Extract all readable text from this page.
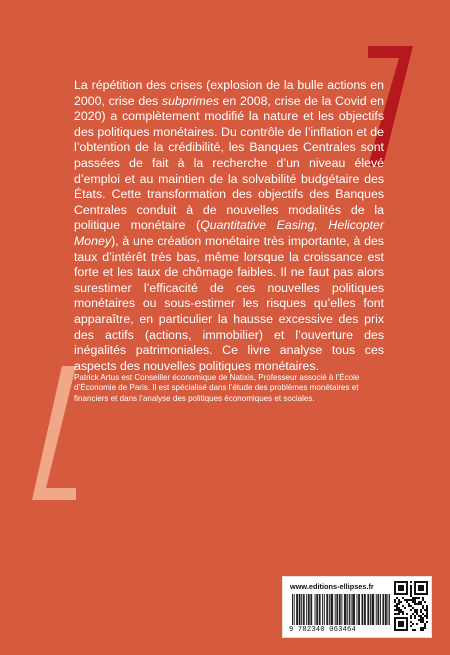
La répétition des crises (explosion de la bulle actions en 2000, crise des subprimes en 2008, crise de la Covid en 2020) a complètement modifié la nature et les objectifs des politiques monétaires. Du contrôle de l’inflation et de l’obtention de la crédibilité, les Banques Centrales sont passées de fait à la recherche d’un niveau élevé d’emploi et au maintien de la solvabilité budgétaire des États. Cette transformation des objectifs des Banques Centrales conduit à de nouvelles modalités de la politique monétaire (Quantitative Easing, Helicopter Money), à une création monétaire très importante, à des taux d’intérêt très bas, même lorsque la croissance est forte et les taux de chômage faibles. Il ne faut pas alors surestimer l’efficacité de ces nouvelles politiques monétaires ou sous-estimer les risques qu’elles font apparaître, en particulier la hausse excessive des prix des actifs (actions, immobilier) et l’ouverture des inégalités patrimoniales. Ce livre analyse tous ces aspects des nouvelles politiques monétaires.

Patrick Artus est Conseiller économique de Natixis, Professeur associé à l’École d’Économie de Paris. Il est spécialisé dans l’étude des problèmes monétaires et financiers et dans l’analyse des politiques économiques et sociales.

www.editions-ellipses.fr
9 782340 063464
